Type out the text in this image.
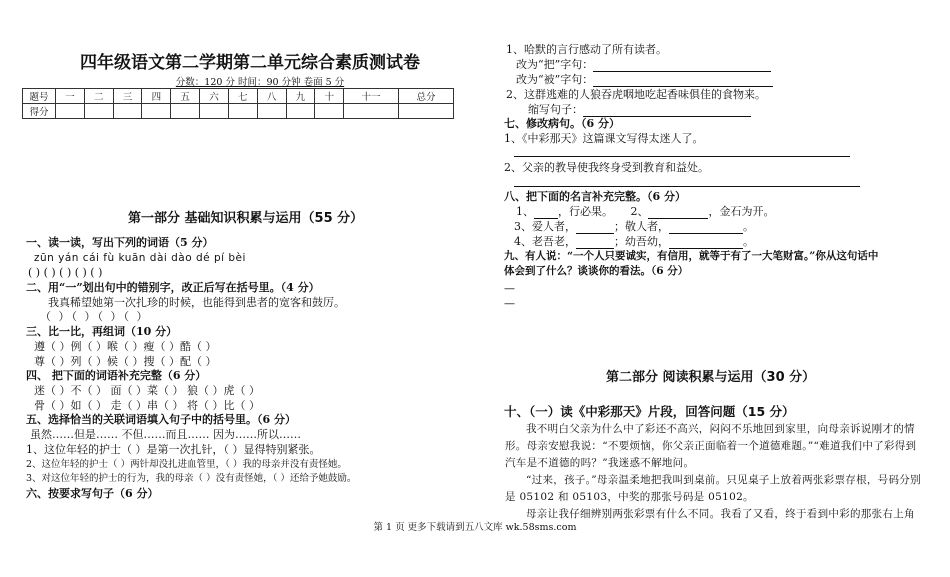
四年级语文第二学期第二单元综合素质测试卷
分数：120 分 时间：90 分钟 卷面 5 分
题号	一	二	三	四	五	六	七	八	九	十	十一	总分
得分												
第一部分 基础知识积累与运用（55 分）
一、读一读，写出下列的词语（5 分）
zūn yán cái fù kuān dài dào dé pí bèi
( ) ( ) ( ) ( ) ( )
二、用“一”划出句中的错别字，改正后写在括号里。（4 分）
我真稀望她第一次扎珍的时候，也能得到患者的宽客和鼓厉。
（ ）（ ）（ ）（ ）
三、比一比，再组词（10 分）
遵（ ）例（ ）喉（ ）瘦（ ）酷（ ）
尊（ ）列（ ）候（ ）搜（ ）配（ ）
四、 把下面的词语补充完整（6 分）
迷（ ）不（ ） 面（ ）菜（ ） 狼（ ）虎（ ）
骨（ ）如（ ） 走（ ）串（ ） 将（ ）比（ ）
五、选择恰当的关联词语填入句子中的括号里。（6 分）
虽然……但是…… 不但……而且…… 因为……所以……
1、这位年轻的护士（ ）是第一次扎针，（ ）显得特别紧张。
2、这位年轻的护士（ ）两针却没扎进血管里，（ ）我的母亲并没有责怪她。
3、对这位年轻的护士的行为，我的母亲（ ）没有责怪她，（ ）还给予她鼓励。
六、按要求写句子（6 分）
1、哈默的言行感动了所有读者。
改为“把”字句：
改为“被”字句：
2、这群逃难的人狼吞虎咽地吃起香味俱佳的食物来。
缩写句子：
七、修改病句。（6 分）
1、《中彩那天》这篇课文写得太迷人了。
2、父亲的教导使我终身受到教育和益处。
八、把下面的名言补充完整。（6 分）
1、 ，行必果。 2、	，金石为开。
3、爱人者，	；敬人者，	。
4、老吾老，	；幼吾幼，	。
九、有人说：“一个人只要诚实，有信用，就等于有了一大笔财富。”你从这句话中
体会到了什么？谈谈你的看法。（6 分）
—
—
第二部分 阅读积累与运用（30 分）
十、（一）读《中彩那天》片段，回答问题（15 分）
我不明白父亲为什么中了彩还不高兴，闷闷不乐地回到家里，向母亲诉说刚才的情形。母亲安慰我说：“不要烦恼，你父亲正面临着一个道德难题。”“难道我们中了彩得到汽车是不道德的吗？”我迷惑不解地问。
“过来，孩子。”母亲温柔地把我叫到桌前。只见桌子上放着两张彩票存根，号码分别是 05102 和 05103，中奖的那张号码是 05102。
母亲让我仔细辨别两张彩票有什么不同。我看了又看，终于看到中彩的那张右上角
第 1 页 更多下载请到五八文库 wk.58sms.com
